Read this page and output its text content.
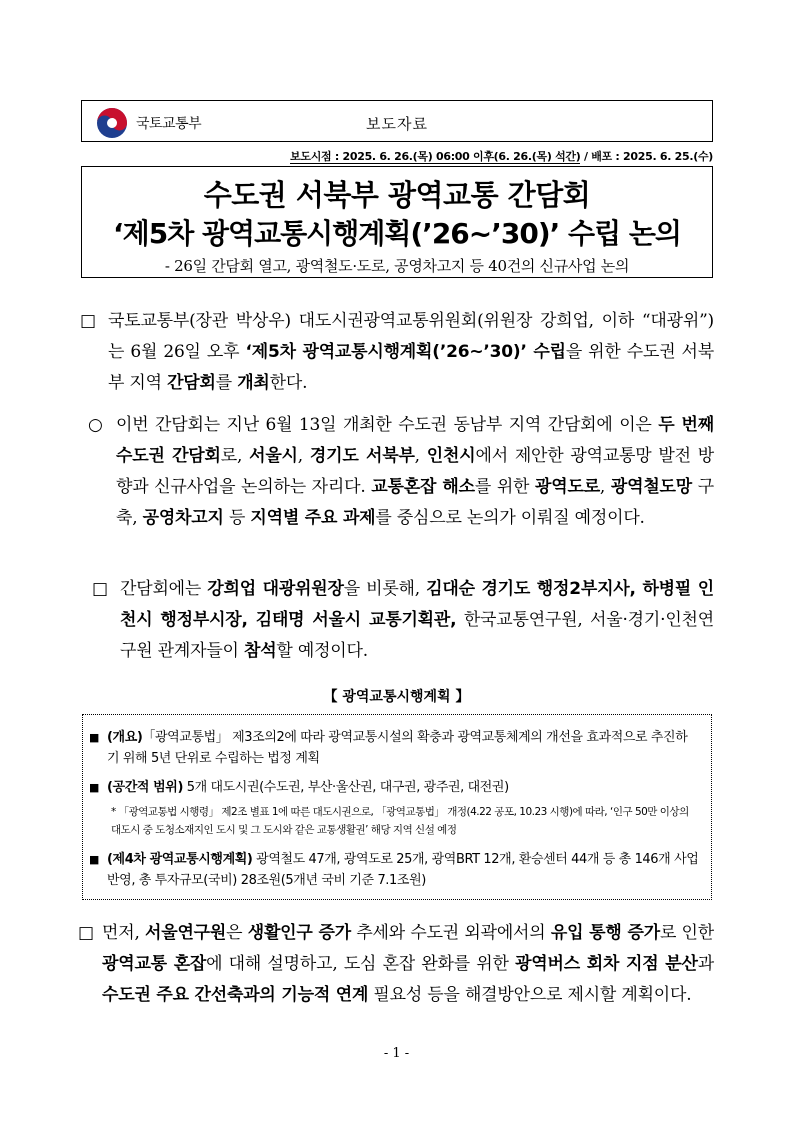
국토교통부	보도자료
보도시점 : 2025. 6. 26.(목) 06:00 이후(6. 26.(목) 석간) / 배포 : 2025. 6. 25.(수)
수도권 서북부 광역교통 간담회
‘제5차 광역교통시행계획(’26~’30)’ 수립 논의
- 26일 간담회 열고, 광역철도·도로, 공영차고지 등 40건의 신규사업 논의
□ 국토교통부(장관 박상우) 대도시권광역교통위원회(위원장 강희업, 이하 “대광위”)는 6월 26일 오후 ‘제5차 광역교통시행계획(’26~’30)’ 수립을 위한 수도권 서북부 지역 간담회를 개최한다.
○ 이번 간담회는 지난 6월 13일 개최한 수도권 동남부 지역 간담회에 이은 두 번째 수도권 간담회로, 서울시, 경기도 서북부, 인천시에서 제안한 광역교통망 발전 방향과 신규사업을 논의하는 자리다. 교통혼잡 해소를 위한 광역도로, 광역철도망 구축, 공영차고지 등 지역별 주요 과제를 중심으로 논의가 이뤄질 예정이다.
□ 간담회에는 강희업 대광위원장을 비롯해, 김대순 경기도 행정2부지사, 하병필 인천시 행정부시장, 김태명 서울시 교통기획관, 한국교통연구원, 서울·경기·인천연구원 관계자들이 참석할 예정이다.
【 광역교통시행계획 】
■ (개요)「광역교통법」 제3조의2에 따라 광역교통시설의 확충과 광역교통체계의 개선을 효과적으로 추진하기 위해 5년 단위로 수립하는 법정 계획
■ (공간적 범위) 5개 대도시권(수도권, 부산·울산권, 대구권, 광주권, 대전권)
* 「광역교통법 시행령」 제2조 별표 1에 따른 대도시권으로, 「광역교통법」 개정(4.22 공포, 10.23 시행)에 따라, ‘인구 50만 이상의 대도시 중 도청소재지인 도시 및 그 도시와 같은 교통생활권’ 해당 지역 신설 예정
■ (제4차 광역교통시행계획) 광역철도 47개, 광역도로 25개, 광역BRT 12개, 환승센터 44개 등 총 146개 사업 반영, 총 투자규모(국비) 28조원(5개년 국비 기준 7.1조원)
□ 먼저, 서울연구원은 생활인구 증가 추세와 수도권 외곽에서의 유입 통행 증가로 인한 광역교통 혼잡에 대해 설명하고, 도심 혼잡 완화를 위한 광역버스 회차 지점 분산과 수도권 주요 간선축과의 기능적 연계 필요성 등을 해결방안으로 제시할 계획이다.
- 1 -
